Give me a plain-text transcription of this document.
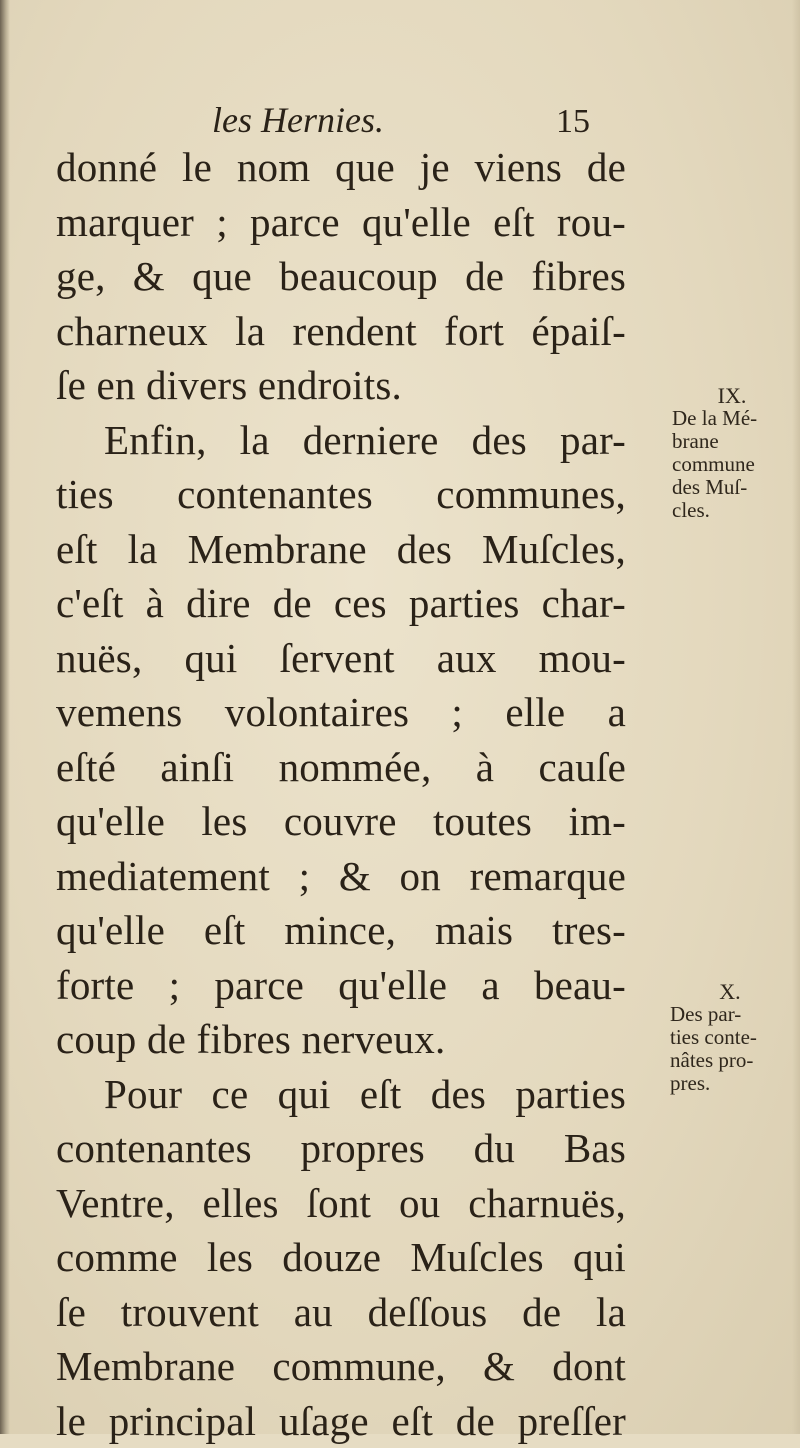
les Hernies.	15
donné le nom que je viens de
marquer ; parce qu'elle eſt rou-
ge, & que beaucoup de fibres
charneux la rendent fort épaiſ-
ſe en divers endroits.
Enfin, la derniere des par-
ties contenantes communes,
eſt la Membrane des Muſcles,
c'eſt à dire de ces parties char-
nuës, qui ſervent aux mou-
vemens volontaires ; elle a
eſté ainſi nommée, à cauſe
qu'elle les couvre toutes im-
mediatement ; & on remarque
qu'elle eſt mince, mais tres-
forte ; parce qu'elle a beau-
coup de fibres nerveux.
Pour ce qui eſt des parties
contenantes propres du Bas
Ventre, elles ſont ou charnuës,
comme les douze Muſcles qui
ſe trouvent au deſſous de la
Membrane commune, & dont
le principal uſage eſt de preſſer
IX.
De la Mé-
brane
commune
des Muſ-
cles.
X.
Des par-
ties conte-
nâtes pro-
pres.
